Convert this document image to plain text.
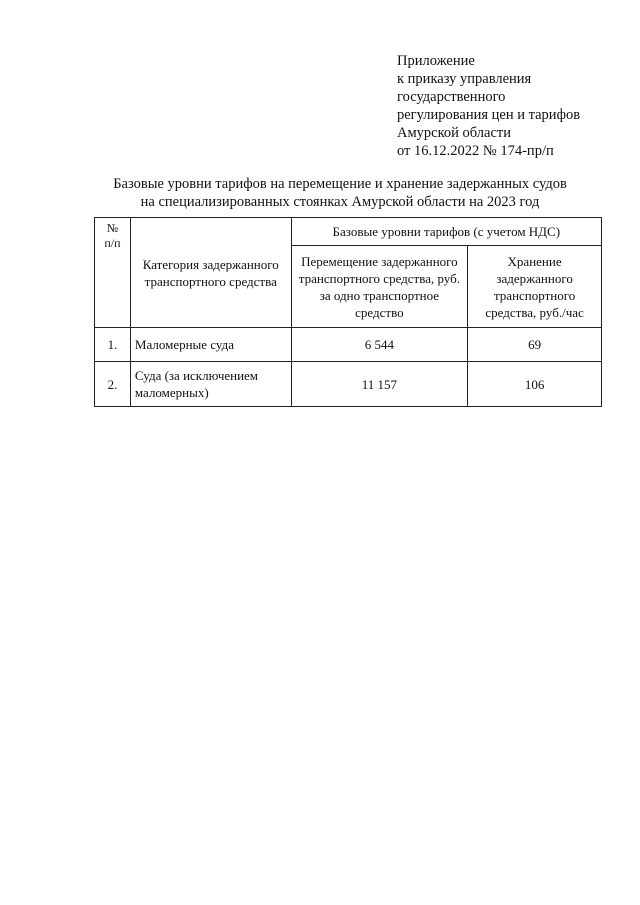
Приложение
к приказу управления
государственного
регулирования цен и тарифов
Амурской области
от 16.12.2022 № 174-пр/п
Базовые уровни тарифов на перемещение и хранение задержанных судов
на специализированных стоянках Амурской области на 2023 год
№
п/п	Категория задержанного транспортного средства	Базовые уровни тарифов (с учетом НДС)	
		Перемещение задержанного транспортного средства, руб. за одно транспортное средство	Хранение задержанного транспортного средства, руб./час
1.	Маломерные суда	6 544	69
2.	Суда (за исключением маломерных)	11 157	106
